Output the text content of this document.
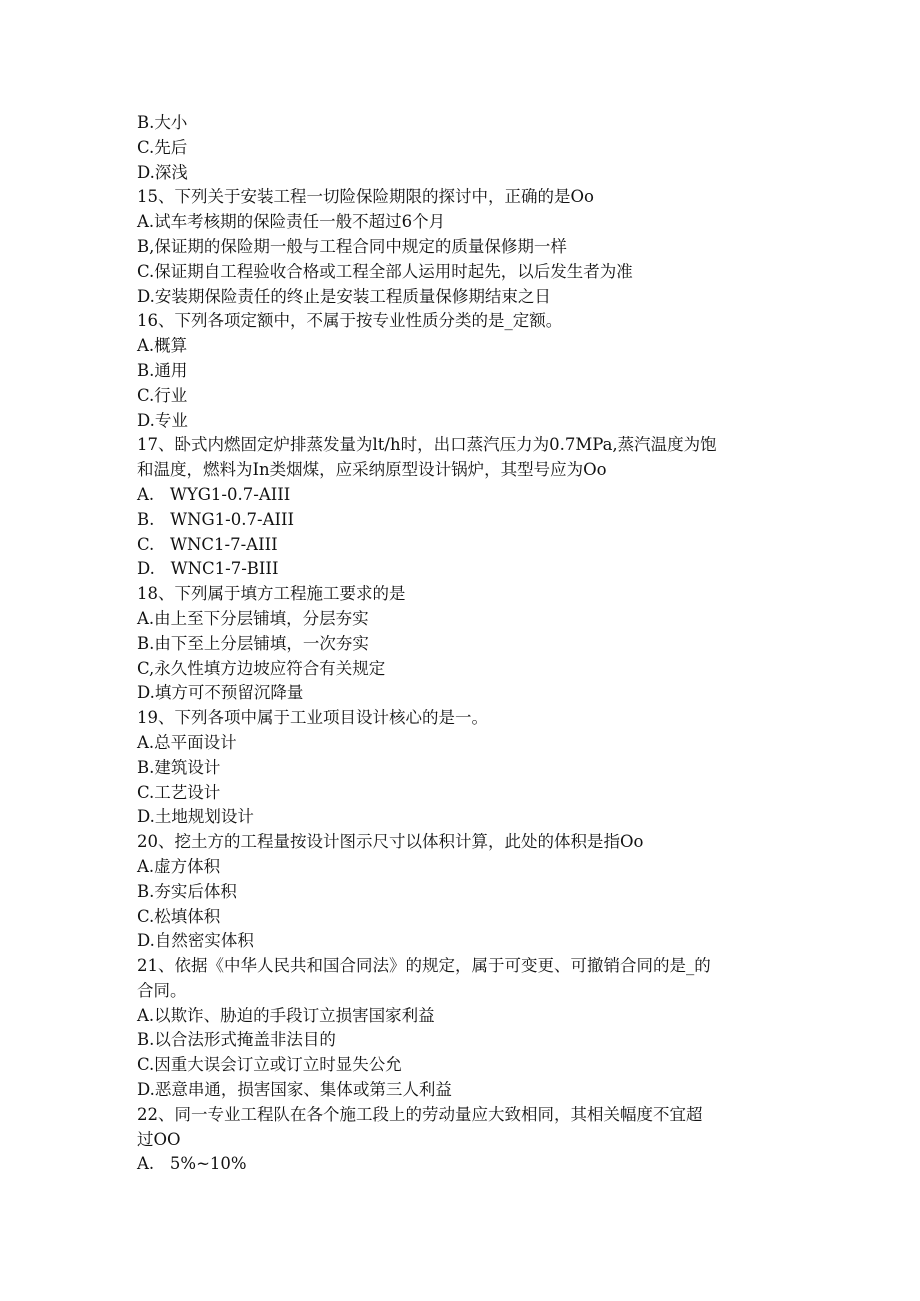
B.大小
C.先后
D.深浅
15、下列关于安装工程一切险保险期限的探讨中，正确的是Oo
A.试车考核期的保险责任一般不超过6个月
B,保证期的保险期一般与工程合同中规定的质量保修期一样
C.保证期自工程验收合格或工程全部人运用时起先，以后发生者为准
D.安装期保险责任的终止是安装工程质量保修期结束之日
16、下列各项定额中，不属于按专业性质分类的是_定额。
A.概算
B.通用
C.行业
D.专业
17、卧式内燃固定炉排蒸发量为lt/h时，出口蒸汽压力为0.7MPa,蒸汽温度为饱
和温度，燃料为In类烟煤，应采纳原型设计锅炉，其型号应为Oo
A.   WYG1-0.7-AIII
B.   WNG1-0.7-AIII
C.   WNC1-7-AIII
D.   WNC1-7-BIII
18、下列属于填方工程施工要求的是
A.由上至下分层铺填，分层夯实
B.由下至上分层铺填，一次夯实
C,永久性填方边坡应符合有关规定
D.填方可不预留沉降量
19、下列各项中属于工业项目设计核心的是一。
A.总平面设计
B.建筑设计
C.工艺设计
D.土地规划设计
20、挖土方的工程量按设计图示尺寸以体积计算，此处的体积是指Oo
A.虚方体积
B.夯实后体积
C.松填体积
D.自然密实体积
21、依据《中华人民共和国合同法》的规定，属于可变更、可撤销合同的是_的
合同。
A.以欺诈、胁迫的手段订立损害国家利益
B.以合法形式掩盖非法目的
C.因重大误会订立或订立时显失公允
D.恶意串通，损害国家、集体或第三人利益
22、同一专业工程队在各个施工段上的劳动量应大致相同，其相关幅度不宜超
过OO
A.   5%~10%
